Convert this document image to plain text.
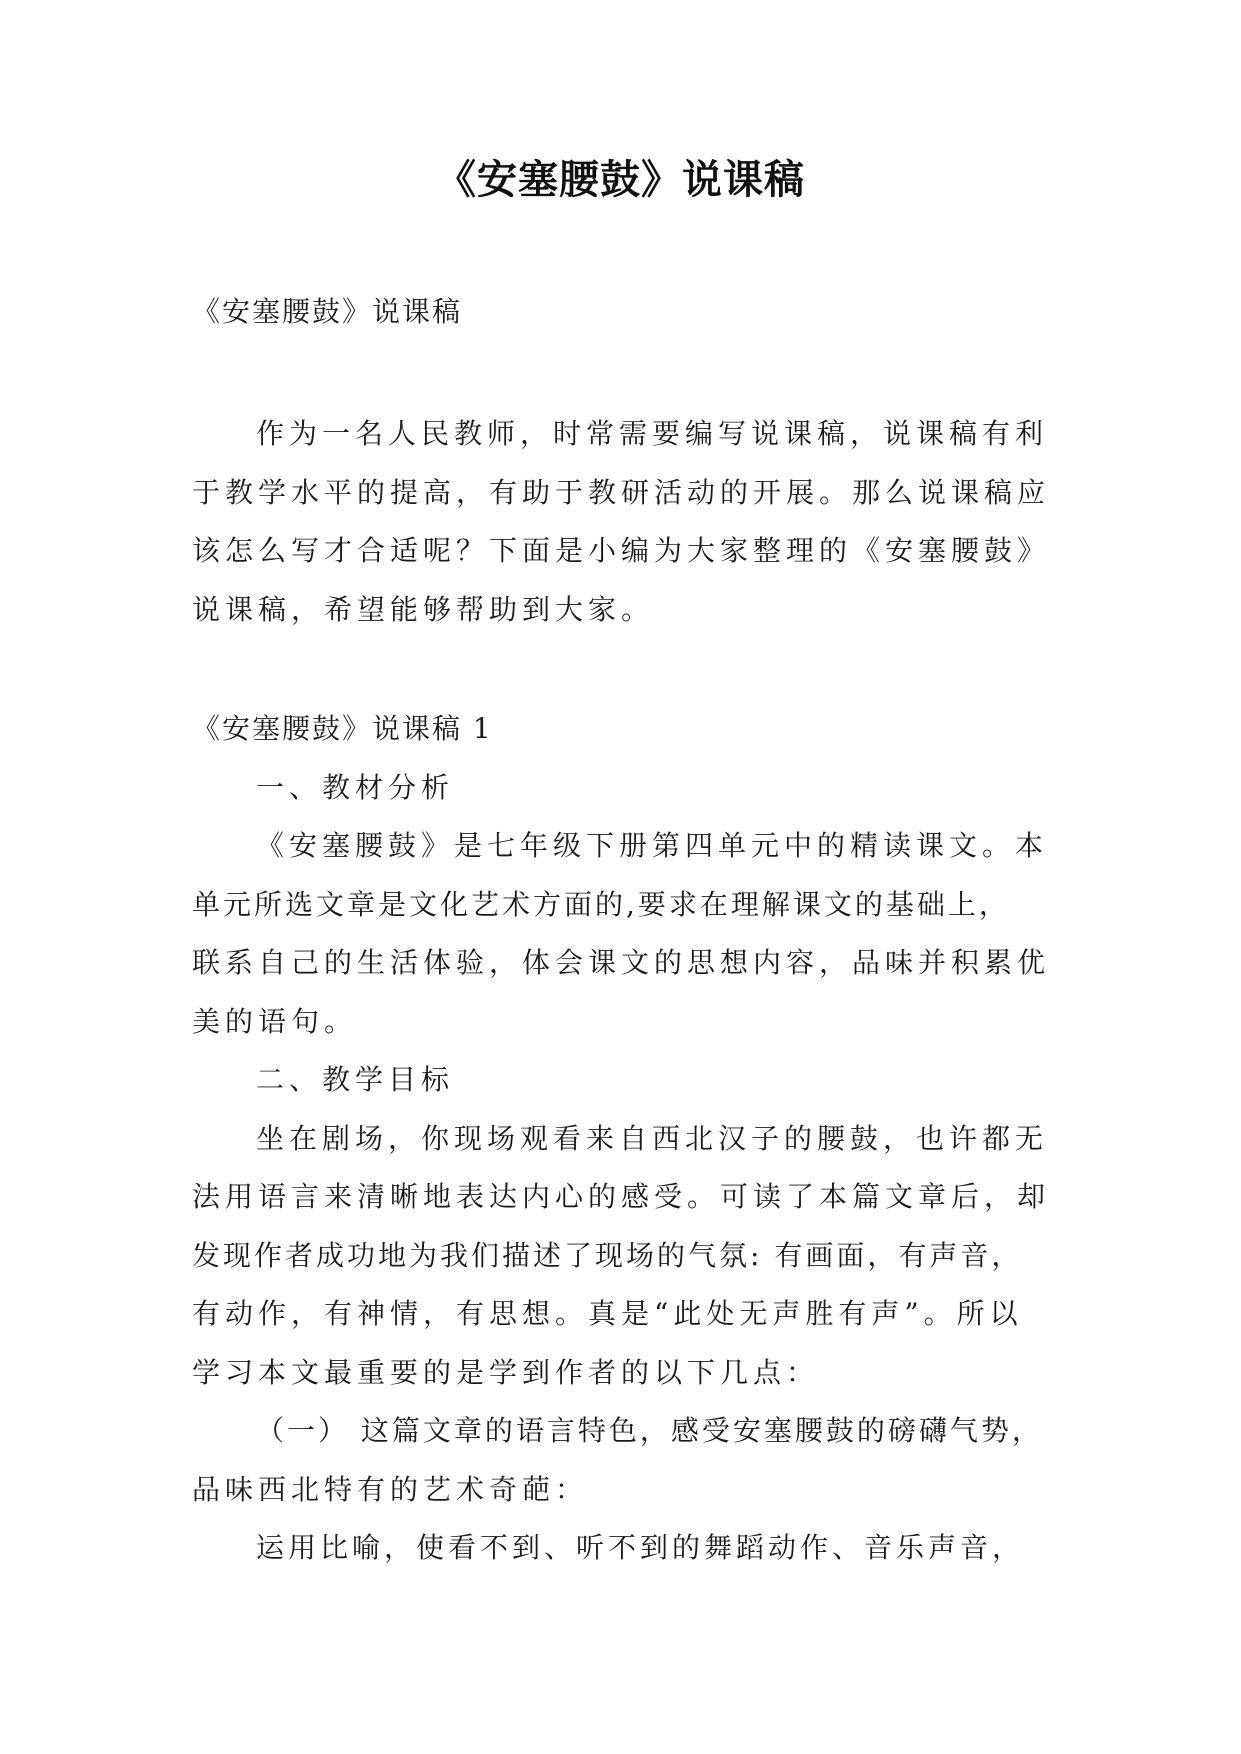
《安塞腰鼓》说课稿
《安塞腰鼓》说课稿
作为一名人民教师，时常需要编写说课稿，说课稿有利
于教学水平的提高，有助于教研活动的开展。那么说课稿应
该怎么写才合适呢？下面是小编为大家整理的《安塞腰鼓》
说课稿，希望能够帮助到大家。
《安塞腰鼓》说课稿 1
一、教材分析
《安塞腰鼓》是七年级下册第四单元中的精读课文。本
单元所选文章是文化艺术方面的,要求在理解课文的基础上，
联系自己的生活体验，体会课文的思想内容，品味并积累优
美的语句。
二、教学目标
坐在剧场，你现场观看来自西北汉子的腰鼓，也许都无
法用语言来清晰地表达内心的感受。可读了本篇文章后，却
发现作者成功地为我们描述了现场的气氛: 有画面，有声音，
有动作，有神情，有思想。真是“此处无声胜有声”。所以
学习本文最重要的是学到作者的以下几点：
（一） 这篇文章的语言特色，感受安塞腰鼓的磅礴气势，
品味西北特有的艺术奇葩：
运用比喻，使看不到、听不到的舞蹈动作、音乐声音，
